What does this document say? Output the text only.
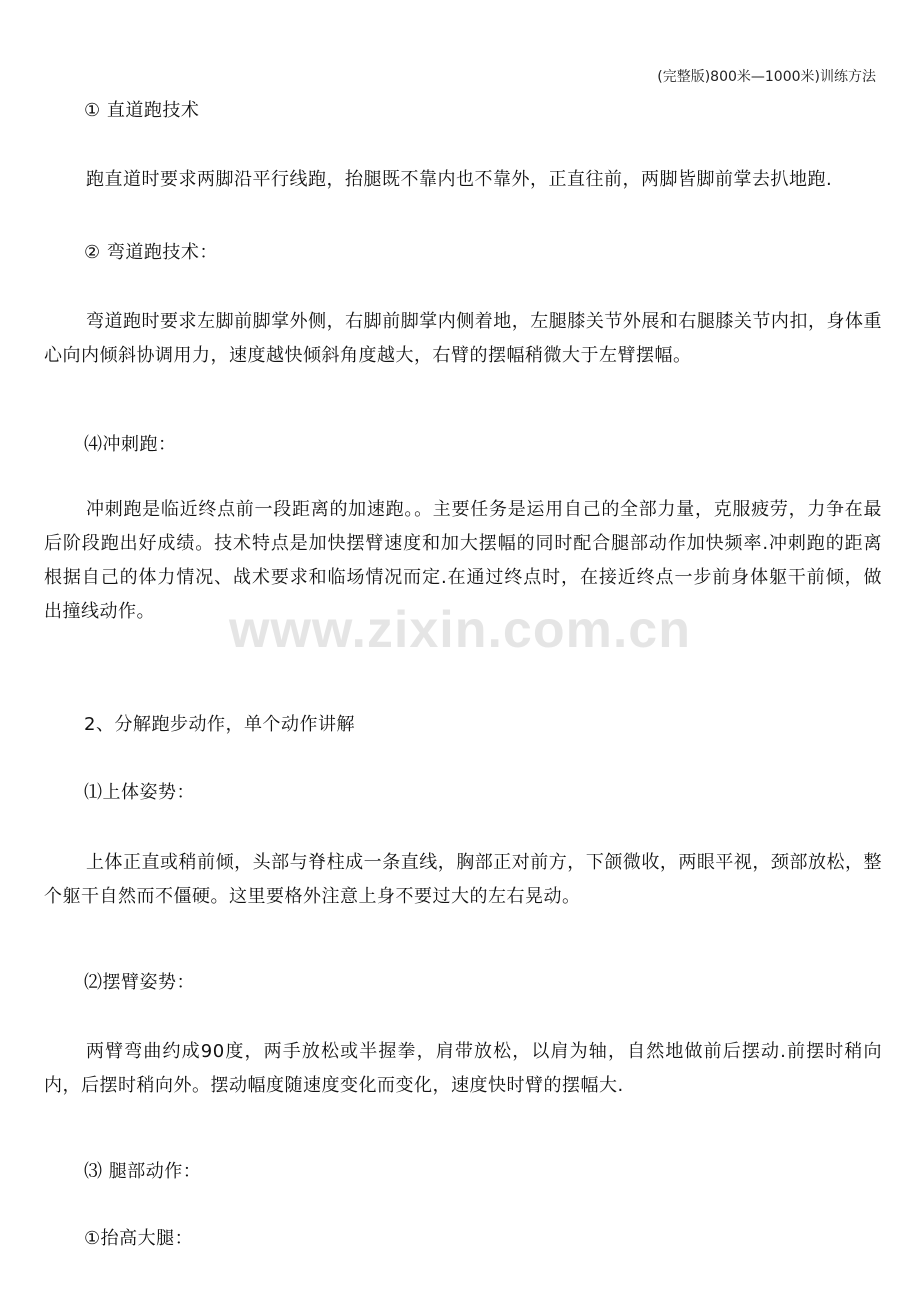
(完整版)800米—1000米)训练方法
① 直道跑技术
跑直道时要求两脚沿平行线跑，抬腿既不靠内也不靠外，正直往前，两脚皆脚前掌去扒地跑.
② 弯道跑技术：
弯道跑时要求左脚前脚掌外侧，右脚前脚掌内侧着地，左腿膝关节外展和右腿膝关节内扣，身体重心向内倾斜协调用力，速度越快倾斜角度越大，右臂的摆幅稍微大于左臂摆幅。
⑷冲刺跑：
冲刺跑是临近终点前一段距离的加速跑。。主要任务是运用自己的全部力量，克服疲劳，力争在最后阶段跑出好成绩。技术特点是加快摆臂速度和加大摆幅的同时配合腿部动作加快频率.冲刺跑的距离根据自己的体力情况、战术要求和临场情况而定.在通过终点时，在接近终点一步前身体躯干前倾，做出撞线动作。
2、分解跑步动作，单个动作讲解
⑴上体姿势：
上体正直或稍前倾，头部与脊柱成一条直线，胸部正对前方，下颌微收，两眼平视，颈部放松，整个躯干自然而不僵硬。这里要格外注意上身不要过大的左右晃动。
⑵摆臂姿势：
两臂弯曲约成90度，两手放松或半握拳，肩带放松，以肩为轴，自然地做前后摆动.前摆时稍向内，后摆时稍向外。摆动幅度随速度变化而变化，速度快时臂的摆幅大.
⑶ 腿部动作：
①抬高大腿：
www.zixin.com.cn
